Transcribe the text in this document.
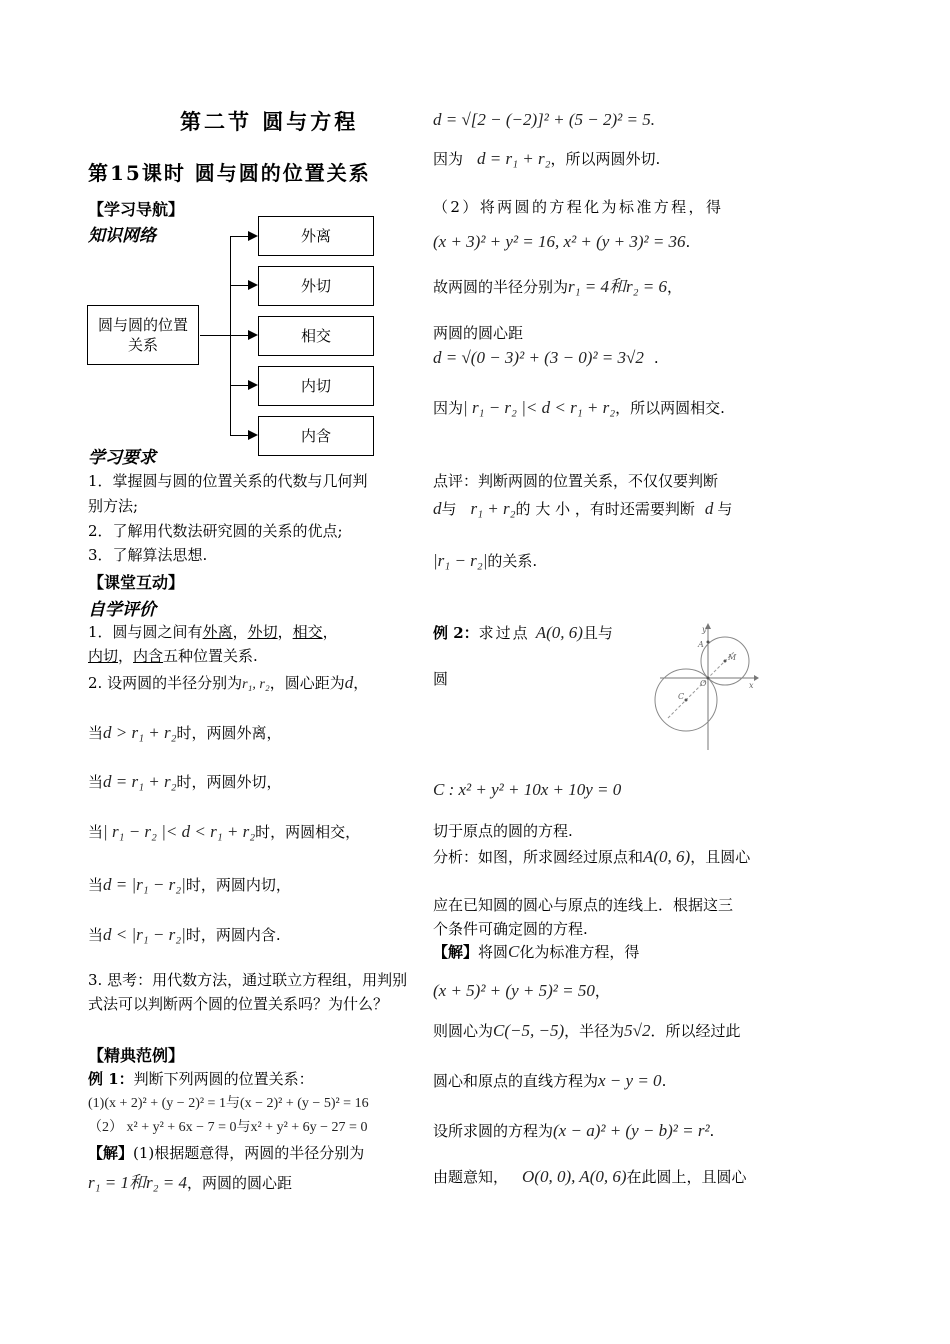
第二节 圆与方程
第15课时 圆与圆的位置关系
【学习导航】
知识网络
圆与圆的位置关系
外离
外切
相交
内切
内含
学习要求
1．掌握圆与圆的位置关系的代数与几何判
别方法;
2．了解用代数法研究圆的关系的优点;
3．了解算法思想.
【课堂互动】
自学评价
1．圆与圆之间有外离，外切，相交，
内切，内含五种位置关系.
2. 设两圆的半径分别为r₁, r₂，圆心距为d，
当d > r₁ + r₂时，两圆外离，
当d = r₁ + r₂时，两圆外切，
当| r₁ − r₂ |< d < r₁ + r₂时，两圆相交，
当d = |r₁ − r₂|时，两圆内切，
当d < |r₁ − r₂|时，两圆内含.
3. 思考：用代数方法，通过联立方程组，用判别式法可以判断两个圆的位置关系吗？为什么？
【精典范例】
例 1：判断下列两圆的位置关系：
(1)(x + 2)² + (y − 2)² = 1与(x − 2)² + (y − 5)² = 16
（2） x² + y² + 6x − 7 = 0与x² + y² + 6y − 27 = 0
【解】(1)根据题意得，两圆的半径分别为
r₁ = 1和r₂ = 4，两圆的圆心距
d = √[2 − (−2)]² + (5 − 2)² = 5.
因为 d = r₁ + r₂，所以两圆外切.
（2）将两圆的方程化为标准方程，得
(x + 3)² + y² = 16, x² + (y + 3)² = 36.
故两圆的半径分别为r₁ = 4和r₂ = 6，
两圆的圆心距
d = √(0 − 3)² + (3 − 0)² = 3√2 .
因为| r₁ − r₂ |< d < r₁ + r₂，所以两圆相交.
点评：判断两圆的位置关系，不仅仅要判断
d与 r₁ + r₂的 大 小 ，有时还需要判断 d 与
|r₁ − r₂|的关系.
例 2：求过点 A(0, 6)且与
圆
y
x
O
A
M
C
C : x² + y² + 10x + 10y = 0
切于原点的圆的方程.
分析：如图，所求圆经过原点和A(0, 6)，且圆心
应在已知圆的圆心与原点的连线上．根据这三
个条件可确定圆的方程.
【解】将圆C化为标准方程，得
(x + 5)² + (y + 5)² = 50，
则圆心为C(−5, −5)，半径为5√2．所以经过此
圆心和原点的直线方程为x − y = 0.
设所求圆的方程为(x − a)² + (y − b)² = r².
由题意知， O(0, 0), A(0, 6)在此圆上，且圆心
